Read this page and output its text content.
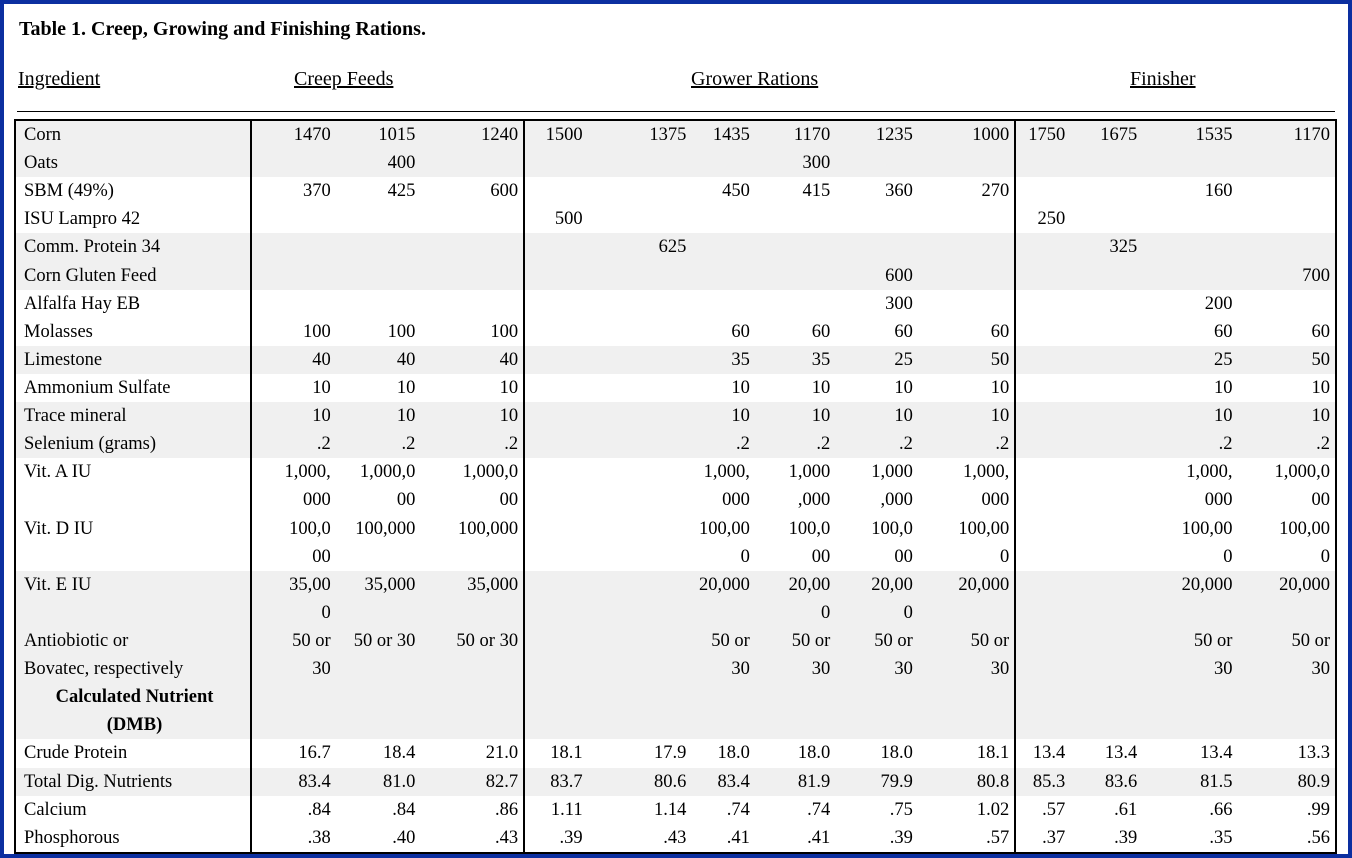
Table 1. Creep, Growing and Finishing Rations.
Ingredient	Creep Feeds	Grower Rations	Finisher
Corn	1470	1015	1240	1500	1375	1435	1170	1235	1000	1750	1675	1535	1170
Oats		400					300						
SBM (49%)	370	425	600			450	415	360	270			160	
ISU Lampro 42				500						250			
Comm. Protein 34					625						325		
Corn Gluten Feed								600					700
Alfalfa Hay EB								300				200	
Molasses	100	100	100			60	60	60	60			60	60
Limestone	40	40	40			35	35	25	50			25	50
Ammonium Sulfate	10	10	10			10	10	10	10			10	10
Trace mineral	10	10	10			10	10	10	10			10	10
Selenium (grams)	.2	.2	.2			.2	.2	.2	.2			.2	.2
Vit. A IU	1,000,	1,000,0	1,000,0			1,000,	1,000	1,000	1,000,			1,000,	1,000,0
	000	00	00			000	,000	,000	000			000	00
Vit. D IU	100,0	100,000	100,000			100,00	100,0	100,0	100,00			100,00	100,00
	00					0	00	00	0			0	0
Vit. E IU	35,00	35,000	35,000			20,000	20,00	20,00	20,000			20,000	20,000
	0						0	0					
Antiobiotic or	50 or	50 or 30	50 or 30			50 or	50 or	50 or	50 or			50 or	50 or
Bovatec, respectively	30					30	30	30	30			30	30
Calculated Nutrient													
(DMB)													
Crude Protein	16.7	18.4	21.0	18.1	17.9	18.0	18.0	18.0	18.1	13.4	13.4	13.4	13.3
Total Dig. Nutrients	83.4	81.0	82.7	83.7	80.6	83.4	81.9	79.9	80.8	85.3	83.6	81.5	80.9
Calcium	.84	.84	.86	1.11	1.14	.74	.74	.75	1.02	.57	.61	.66	.99
Phosphorous	.38	.40	.43	.39	.43	.41	.41	.39	.57	.37	.39	.35	.56
